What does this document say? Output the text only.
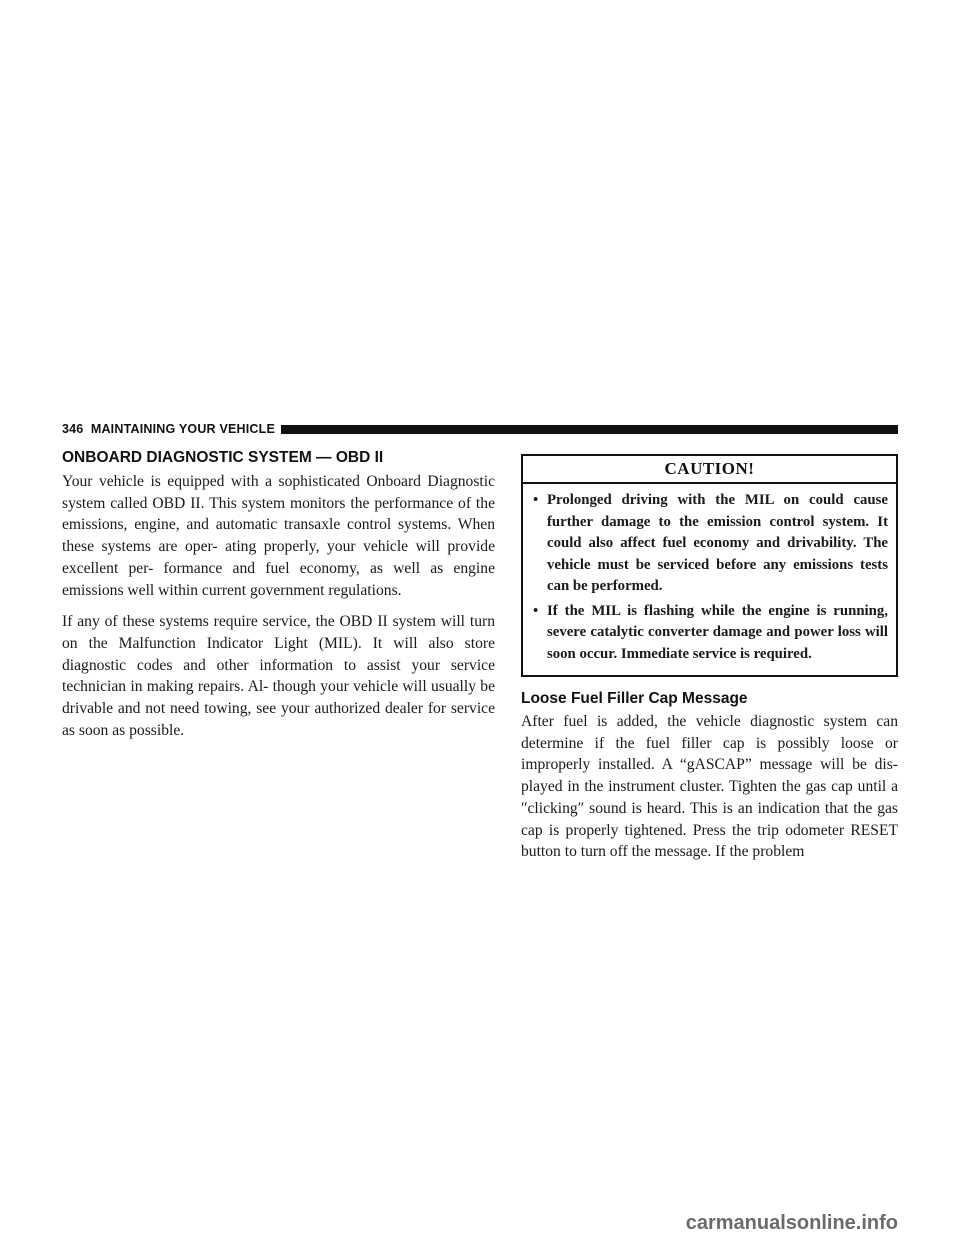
346 MAINTAINING YOUR VEHICLE
ONBOARD DIAGNOSTIC SYSTEM — OBD II

Your vehicle is equipped with a sophisticated Onboard Diagnostic system called OBD II. This system monitors the performance of the emissions, engine, and automatic transaxle control systems. When these systems are oper- ating properly, your vehicle will provide excellent per- formance and fuel economy, as well as engine emissions well within current government regulations.

If any of these systems require service, the OBD II system will turn on the Malfunction Indicator Light (MIL). It will also store diagnostic codes and other information to assist your service technician in making repairs. Al- though your vehicle will usually be drivable and not need towing, see your authorized dealer for service as soon as possible.

CAUTION!
• Prolonged driving with the MIL on could cause further damage to the emission control system. It could also affect fuel economy and drivability. The vehicle must be serviced before any emissions tests can be performed.
• If the MIL is flashing while the engine is running, severe catalytic converter damage and power loss will soon occur. Immediate service is required.
Loose Fuel Filler Cap Message

After fuel is added, the vehicle diagnostic system can determine if the fuel filler cap is possibly loose or improperly installed. A “gASCAP” message will be dis- played in the instrument cluster. Tighten the gas cap until a ″clicking″ sound is heard. This is an indication that the gas cap is properly tightened. Press the trip odometer RESET button to turn off the message. If the problem

carmanualsonline.info
